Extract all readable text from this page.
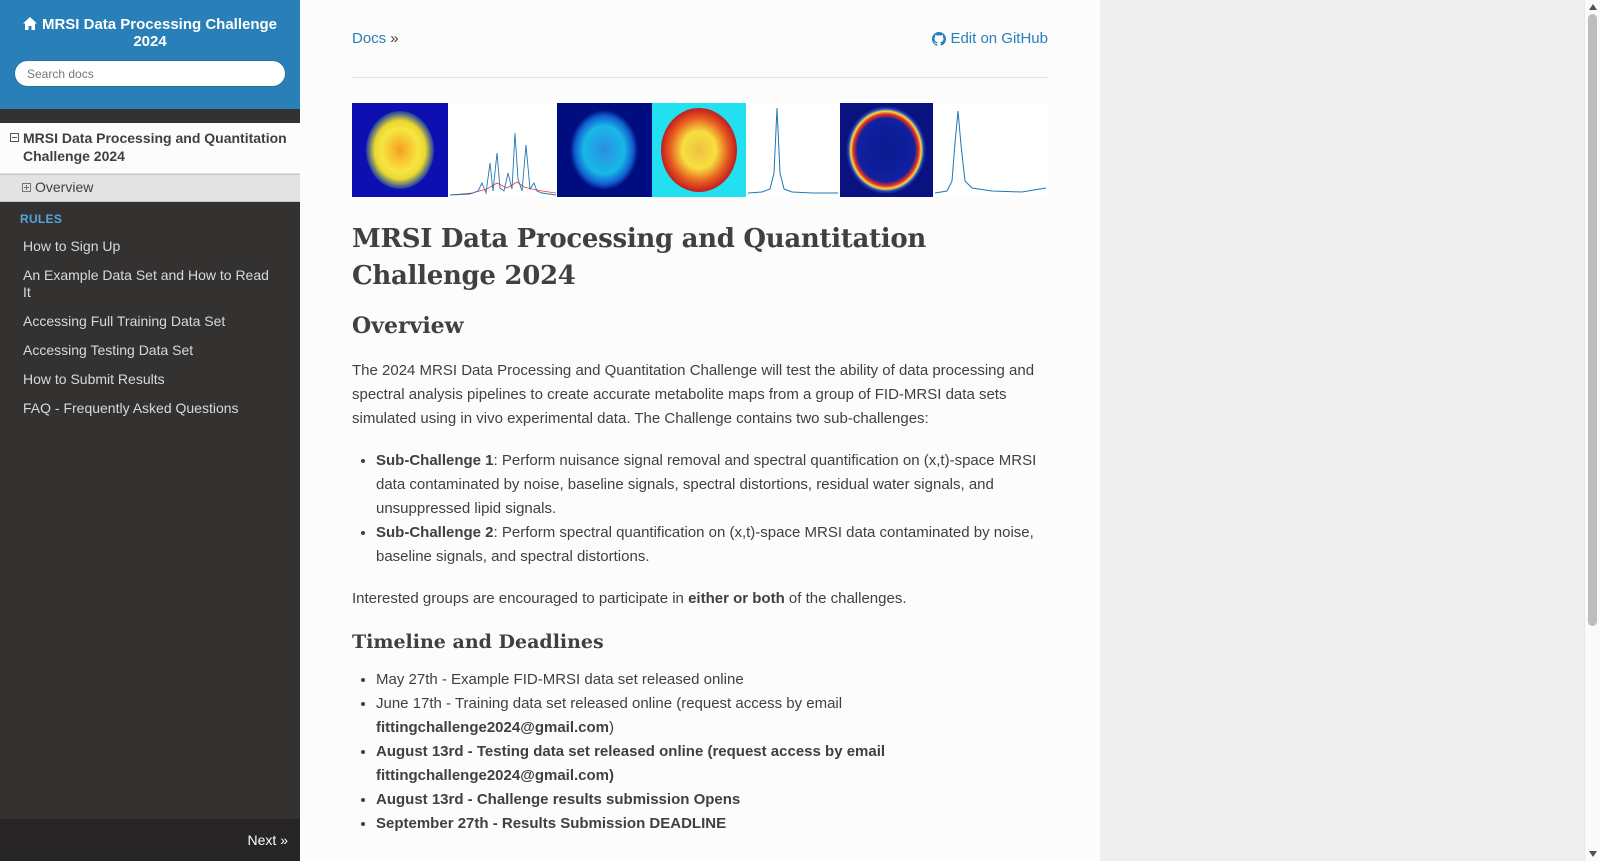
MRSI Data Processing Challenge 2024
Search docs
MRSI Data Processing and Quantitation Challenge 2024
Overview
RULES
How to Sign Up
An Example Data Set and How to Read It
Accessing Full Training Data Set
Accessing Testing Data Set
How to Submit Results
FAQ - Frequently Asked Questions
Next »
Docs »	Edit on GitHub
MRSI Data Processing and Quantitation Challenge 2024
Overview

The 2024 MRSI Data Processing and Quantitation Challenge will test the ability of data processing and spectral analysis pipelines to create accurate metabolite maps from a group of FID-MRSI data sets simulated using in vivo experimental data. The Challenge contains two sub-challenges:

• Sub-Challenge 1: Perform nuisance signal removal and spectral quantification on (x,t)-space MRSI data contaminated by noise, baseline signals, spectral distortions, residual water signals, and unsuppressed lipid signals.
• Sub-Challenge 2: Perform spectral quantification on (x,t)-space MRSI data contaminated by noise, baseline signals, and spectral distortions.

Interested groups are encouraged to participate in either or both of the challenges.

Timeline and Deadlines
• May 27th - Example FID-MRSI data set released online
• June 17th - Training data set released online (request access by email fittingchallenge2024@gmail.com)
• August 13rd - Testing data set released online (request access by email fittingchallenge2024@gmail.com)
• August 13rd - Challenge results submission Opens
• September 27th - Results Submission DEADLINE
